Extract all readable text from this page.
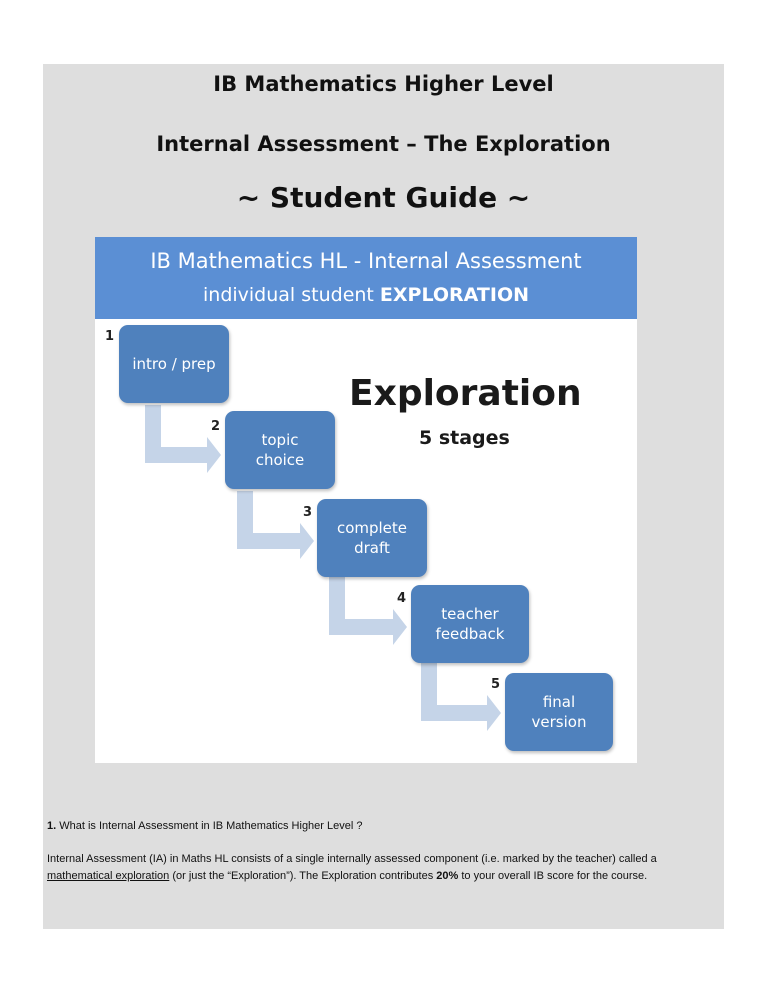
IB Mathematics Higher Level
Internal Assessment – The Exploration
~ Student Guide ~
IB Mathematics HL - Internal Assessment
individual student EXPLORATION
1
intro / prep
2
topic
choice
3
complete
draft
4
teacher
feedback
5
final
version
Exploration
5 stages
1. What is Internal Assessment in IB Mathematics Higher Level ?
Internal Assessment (IA) in Maths HL consists of a single internally assessed component (i.e. marked by the teacher) called a mathematical exploration (or just the “Exploration”). The Exploration contributes 20% to your overall IB score for the course.
